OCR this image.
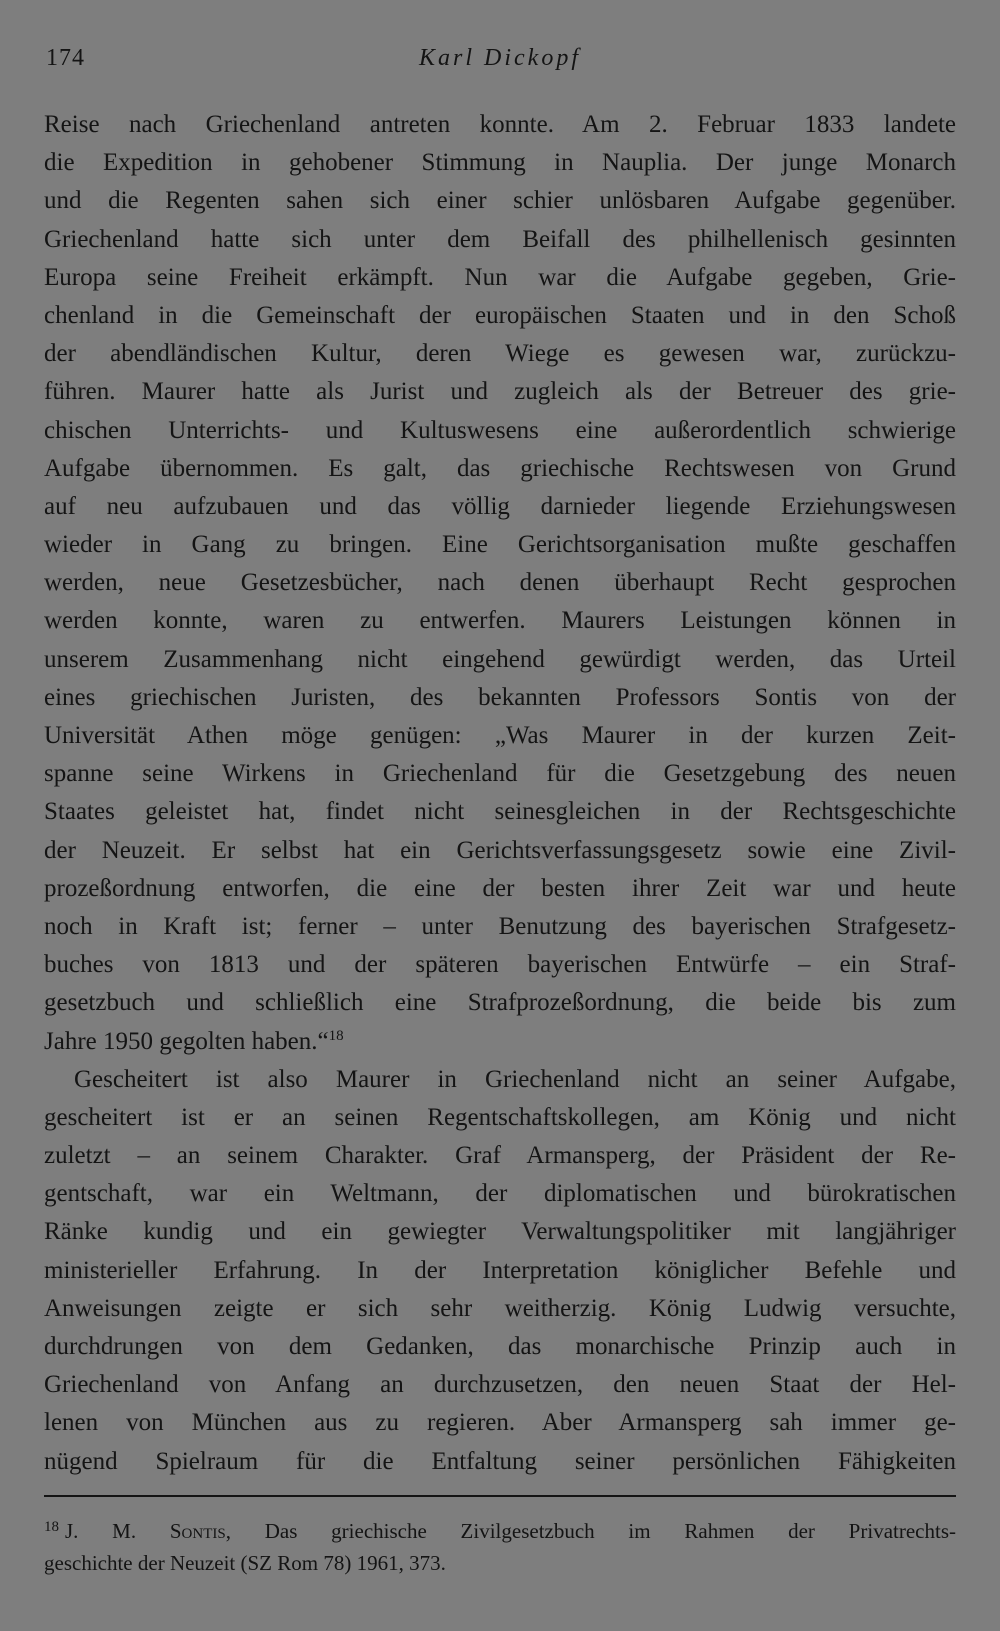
174	Karl Dickopf
Reise nach Griechenland antreten konnte. Am 2. Februar 1833 landete
die Expedition in gehobener Stimmung in Nauplia. Der junge Monarch
und die Regenten sahen sich einer schier unlösbaren Aufgabe gegenüber.
Griechenland hatte sich unter dem Beifall des philhellenisch gesinnten
Europa seine Freiheit erkämpft. Nun war die Aufgabe gegeben, Grie-
chenland in die Gemeinschaft der europäischen Staaten und in den Schoß
der abendländischen Kultur, deren Wiege es gewesen war, zurückzu-
führen. Maurer hatte als Jurist und zugleich als der Betreuer des grie-
chischen Unterrichts- und Kultuswesens eine außerordentlich schwierige
Aufgabe übernommen. Es galt, das griechische Rechtswesen von Grund
auf neu aufzubauen und das völlig darnieder liegende Erziehungswesen
wieder in Gang zu bringen. Eine Gerichtsorganisation mußte geschaffen
werden, neue Gesetzesbücher, nach denen überhaupt Recht gesprochen
werden konnte, waren zu entwerfen. Maurers Leistungen können in
unserem Zusammenhang nicht eingehend gewürdigt werden, das Urteil
eines griechischen Juristen, des bekannten Professors Sontis von der
Universität Athen möge genügen: „Was Maurer in der kurzen Zeit-
spanne seine Wirkens in Griechenland für die Gesetzgebung des neuen
Staates geleistet hat, findet nicht seinesgleichen in der Rechtsgeschichte
der Neuzeit. Er selbst hat ein Gerichtsverfassungsgesetz sowie eine Zivil-
prozeßordnung entworfen, die eine der besten ihrer Zeit war und heute
noch in Kraft ist; ferner – unter Benutzung des bayerischen Strafgesetz-
buches von 1813 und der späteren bayerischen Entwürfe – ein Straf-
gesetzbuch und schließlich eine Strafprozeßordnung, die beide bis zum
Jahre 1950 gegolten haben.“$^{18}$
Gescheitert ist also Maurer in Griechenland nicht an seiner Aufgabe,
gescheitert ist er an seinen Regentschaftskollegen, am König und nicht
zuletzt – an seinem Charakter. Graf Armansperg, der Präsident der Re-
gentschaft, war ein Weltmann, der diplomatischen und bürokratischen
Ränke kundig und ein gewiegter Verwaltungspolitiker mit langjähriger
ministerieller Erfahrung. In der Interpretation königlicher Befehle und
Anweisungen zeigte er sich sehr weitherzig. König Ludwig versuchte,
durchdrungen von dem Gedanken, das monarchische Prinzip auch in
Griechenland von Anfang an durchzusetzen, den neuen Staat der Hel-
lenen von München aus zu regieren. Aber Armansperg sah immer ge-
nügend Spielraum für die Entfaltung seiner persönlichen Fähigkeiten
$^{18}$ J. M. Sontis, Das griechische Zivilgesetzbuch im Rahmen der Privatrechts-
geschichte der Neuzeit (SZ Rom 78) 1961, 373.
